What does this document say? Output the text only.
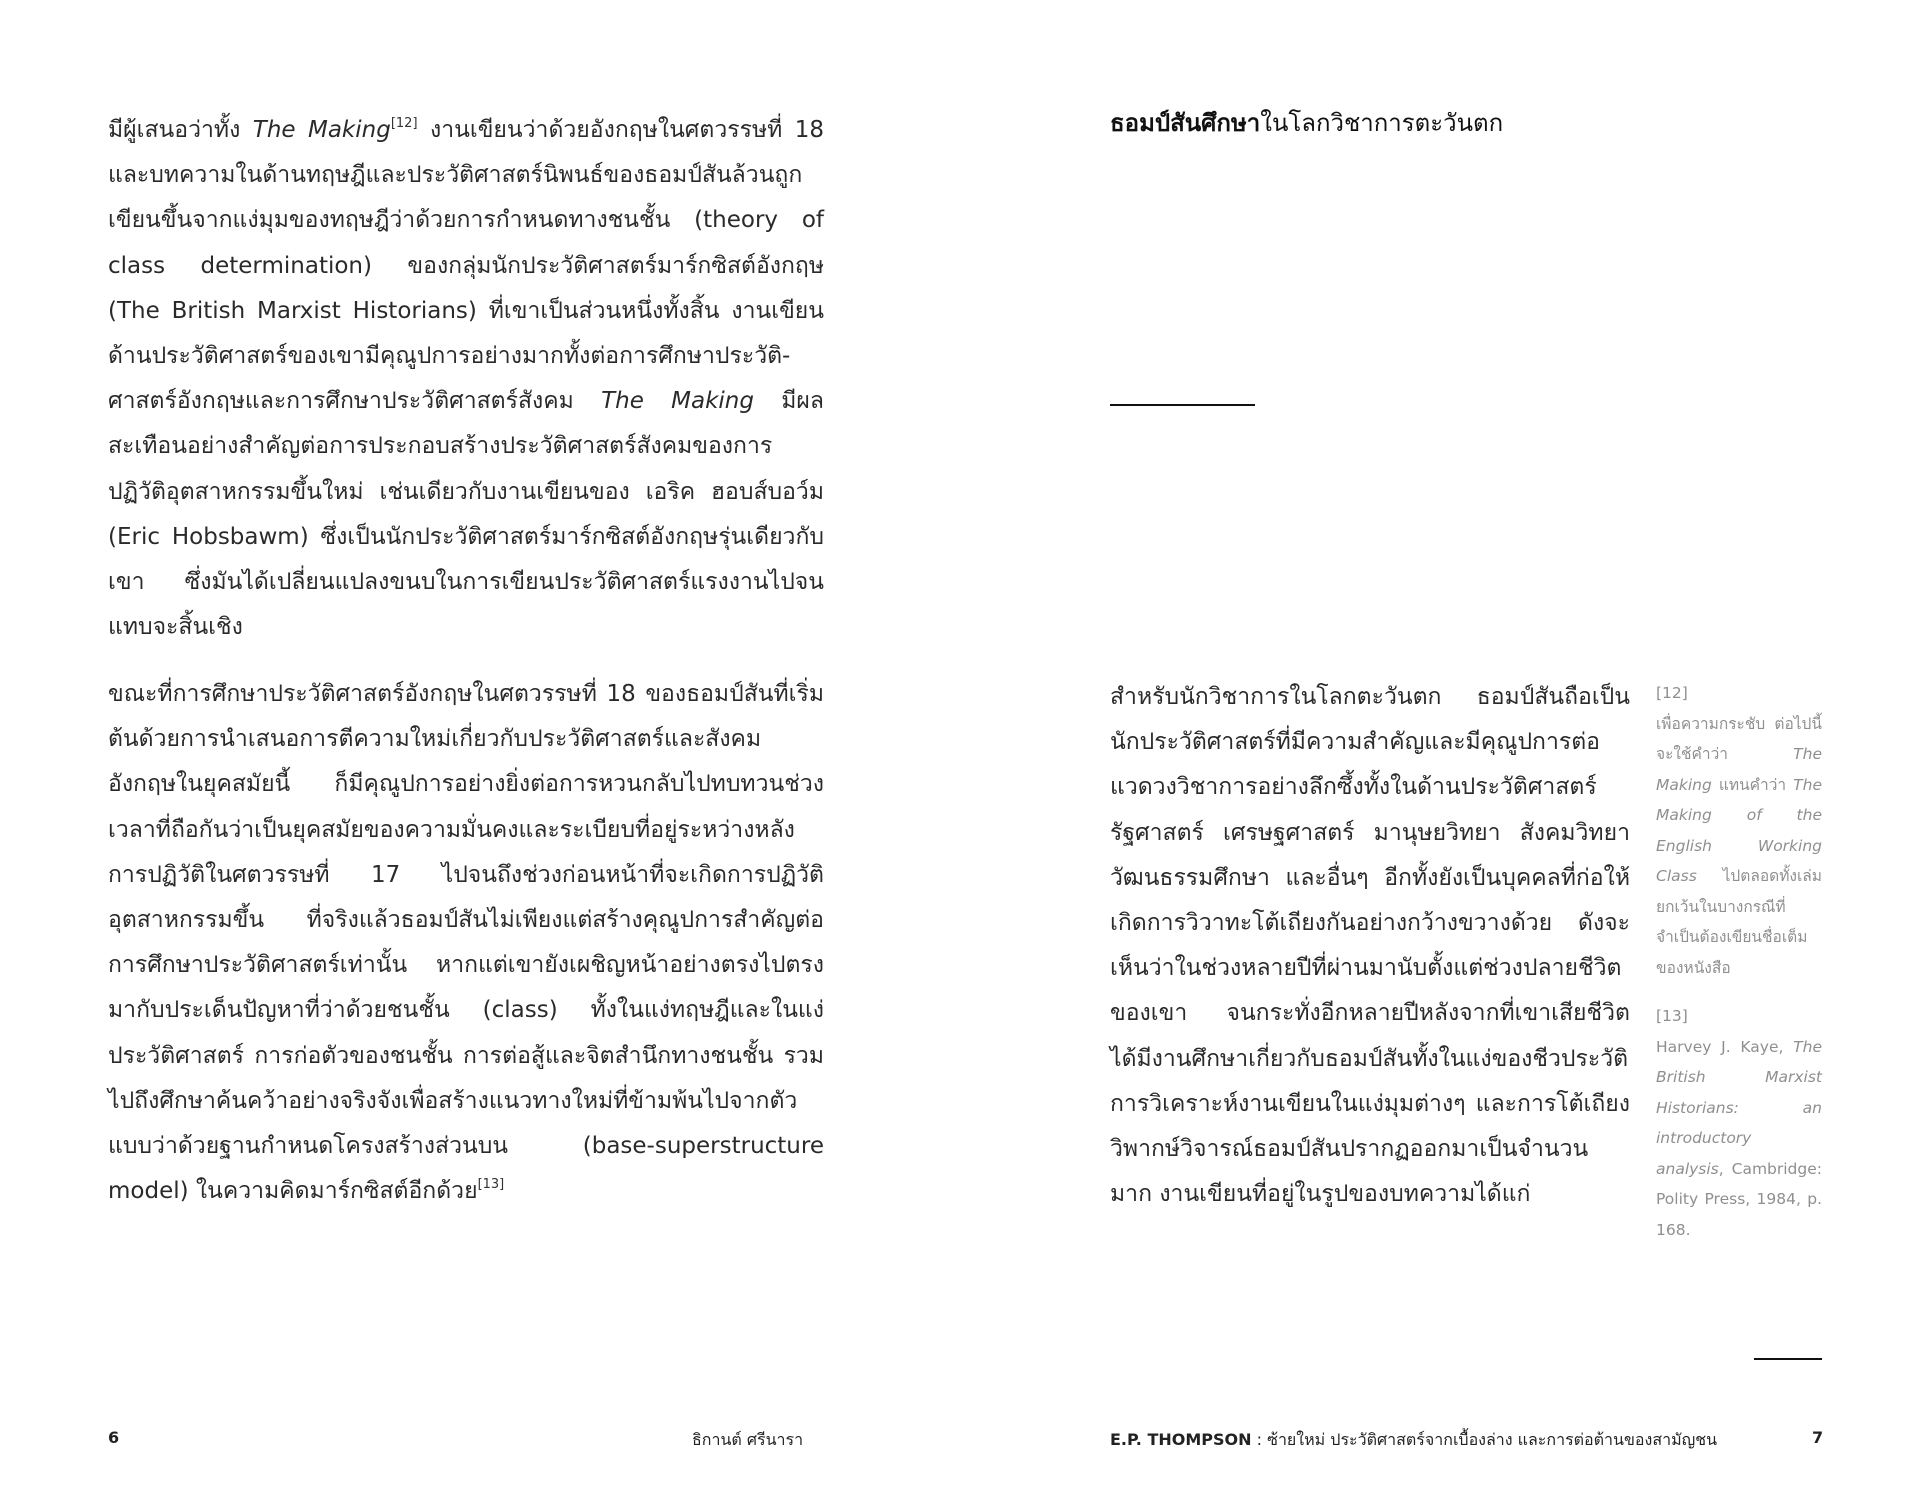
มีผู้เสนอว่าทั้ง The Making[12] งานเขียนว่าด้วยอังกฤษในศตวรรษที่ 18 และบทความในด้านทฤษฎีและประวัติศาสตร์นิพนธ์ของธอมป์สันล้วนถูกเขียนขึ้นจากแง่มุมของทฤษฎีว่าด้วยการกำหนดทางชนชั้น (theory of class determination) ของกลุ่มนักประวัติศาสตร์มาร์กซิสต์อังกฤษ (The British Marxist Historians) ที่เขาเป็นส่วนหนึ่งทั้งสิ้น งานเขียนด้านประวัติศาสตร์ของเขามีคุณูปการอย่างมากทั้งต่อการศึกษาประวัติ-ศาสตร์อังกฤษและการศึกษาประวัติศาสตร์สังคม The Making มีผลสะเทือนอย่างสำคัญต่อการประกอบสร้างประวัติศาสตร์สังคมของการปฏิวัติอุตสาหกรรมขึ้นใหม่ เช่นเดียวกับงานเขียนของ เอริค ฮอบส์บอว์ม (Eric Hobsbawm) ซึ่งเป็นนักประวัติศาสตร์มาร์กซิสต์อังกฤษรุ่นเดียวกับเขา ซึ่งมันได้เปลี่ยนแปลงขนบในการเขียนประวัติศาสตร์แรงงานไปจนแทบจะสิ้นเชิง

ขณะที่การศึกษาประวัติศาสตร์อังกฤษในศตวรรษที่ 18 ของธอมป์สันที่เริ่มต้นด้วยการนำเสนอการตีความใหม่เกี่ยวกับประวัติศาสตร์และสังคมอังกฤษในยุคสมัยนี้ ก็มีคุณูปการอย่างยิ่งต่อการหวนกลับไปทบทวนช่วงเวลาที่ถือกันว่าเป็นยุคสมัยของความมั่นคงและระเบียบที่อยู่ระหว่างหลังการปฏิวัติในศตวรรษที่ 17 ไปจนถึงช่วงก่อนหน้าที่จะเกิดการปฏิวัติอุตสาหกรรมขึ้น ที่จริงแล้วธอมป์สันไม่เพียงแต่สร้างคุณูปการสำคัญต่อการศึกษาประวัติศาสตร์เท่านั้น หากแต่เขายังเผชิญหน้าอย่างตรงไปตรงมากับประเด็นปัญหาที่ว่าด้วยชนชั้น (class) ทั้งในแง่ทฤษฎีและในแง่ประวัติศาสตร์ การก่อตัวของชนชั้น การต่อสู้และจิตสำนึกทางชนชั้น รวมไปถึงศึกษาค้นคว้าอย่างจริงจังเพื่อสร้างแนวทางใหม่ที่ข้ามพ้นไปจากตัวแบบว่าด้วยฐานกำหนดโครงสร้างส่วนบน (base-superstructure model) ในความคิดมาร์กซิสต์อีกด้วย[13]

6	ธิกานต์ ศรีนารา
ธอมป์สันศึกษาในโลกวิชาการตะวันตก

สำหรับนักวิชาการในโลกตะวันตก ธอมป์สันถือเป็นนักประวัติศาสตร์ที่มีความสำคัญและมีคุณูปการต่อแวดวงวิชาการอย่างลึกซึ้งทั้งในด้านประวัติศาสตร์ รัฐศาสตร์ เศรษฐศาสตร์ มานุษยวิทยา สังคมวิทยา วัฒนธรรมศึกษา และอื่นๆ อีกทั้งยังเป็นบุคคลที่ก่อให้เกิดการวิวาทะโต้เถียงกันอย่างกว้างขวางด้วย ดังจะเห็นว่าในช่วงหลายปีที่ผ่านมานับตั้งแต่ช่วงปลายชีวิตของเขา จนกระทั่งอีกหลายปีหลังจากที่เขาเสียชีวิต ได้มีงานศึกษาเกี่ยวกับธอมป์สันทั้งในแง่ของชีวประวัติ การวิเคราะห์งานเขียนในแง่มุมต่างๆ และการโต้เถียงวิพากษ์วิจารณ์ธอมป์สันปรากฏออกมาเป็นจำนวนมาก งานเขียนที่อยู่ในรูปของบทความได้แก่

[12]
เพื่อความกระชับ ต่อไปนี้จะใช้คำว่า The Making แทนคำว่า The Making of the English Working Class ไปตลอดทั้งเล่ม ยกเว้นในบางกรณีที่จำเป็นต้องเขียนชื่อเต็มของหนังสือ
[13]
Harvey J. Kaye, The British Marxist Historians: an introductory analysis, Cambridge: Polity Press, 1984, p. 168.
E.P. THOMPSON : ซ้ายใหม่ ประวัติศาสตร์จากเบื้องล่าง และการต่อต้านของสามัญชน	7
